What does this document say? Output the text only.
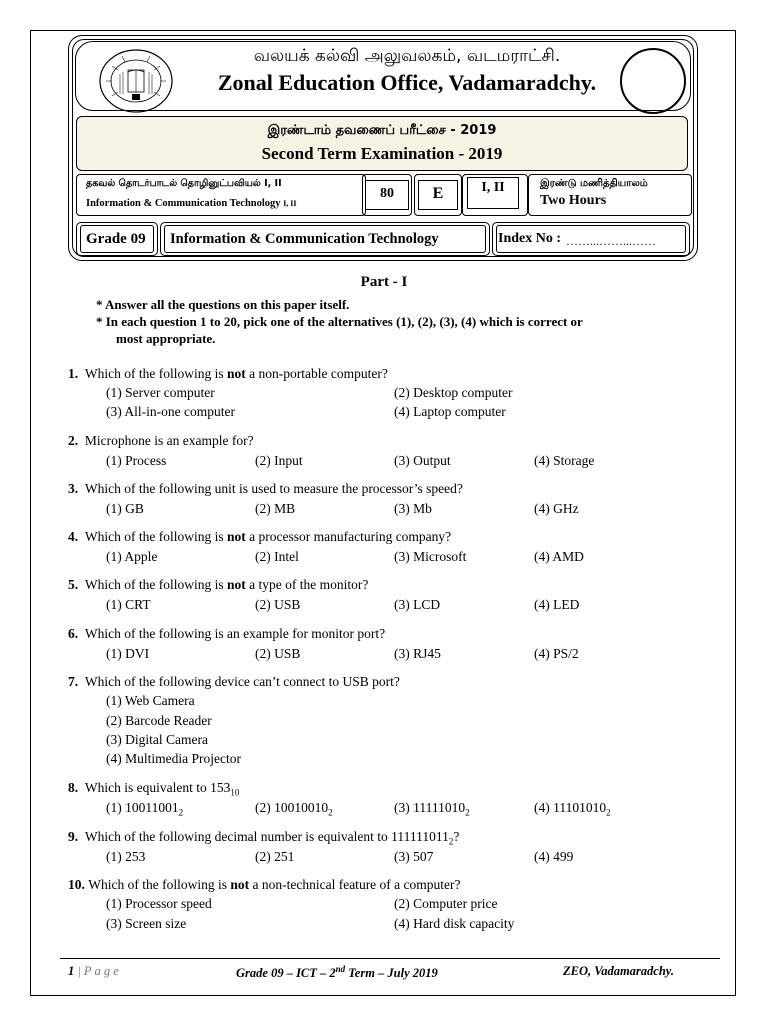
வலயக் கல்வி அலுவலகம், வடமராட்சி.
Zonal Education Office, Vadamaradchy.
இரண்டாம் தவணைப் பரீட்சை - 2019
Second Term Examination - 2019
தகவல் தொடர்பாடல் தொழினுட்பவியல் I, II
Information & Communication Technology I, II
80	E	I, II	இரண்டு மணித்தியாலம்
Two Hours
Grade 09 Information & Communication Technology	Index No : ……...……...……
Part - I
* Answer all the questions on this paper itself.
* In each question 1 to 20, pick one of the alternatives (1), (2), (3), (4) which is correct or
most appropriate.
1. Which of the following is not a non-portable computer?
(1) Server computer	(2) Desktop computer
(3) All-in-one computer	(4) Laptop computer
2. Microphone is an example for?
(1) Process	(2) Input	(3) Output	(4) Storage
3. Which of the following unit is used to measure the processor’s speed?
(1) GB	(2) MB	(3) Mb	(4) GHz
4. Which of the following is not a processor manufacturing company?
(1) Apple	(2) Intel	(3) Microsoft	(4) AMD
5. Which of the following is not a type of the monitor?
(1) CRT	(2) USB	(3) LCD	(4) LED
6. Which of the following is an example for monitor port?
(1) DVI	(2) USB	(3) RJ45	(4) PS/2
7. Which of the following device can’t connect to USB port?
(1) Web Camera
(2) Barcode Reader
(3) Digital Camera
(4) Multimedia Projector
8. Which is equivalent to $153_{10}$
(1) $10011001_2$	(2) $10010010_2$	(3) $11111010_2$	(4) $11101010_2$
9. Which of the following decimal number is equivalent to $111111011_2$?
(1) 253	(2) 251	(3) 507	(4) 499
10. Which of the following is not a non-technical feature of a computer?
(1) Processor speed	(2) Computer price
(3) Screen size	(4) Hard disk capacity
1 | P a g e	Grade 09 – ICT – 2nd Term – July 2019	ZEO, Vadamaradchy.
